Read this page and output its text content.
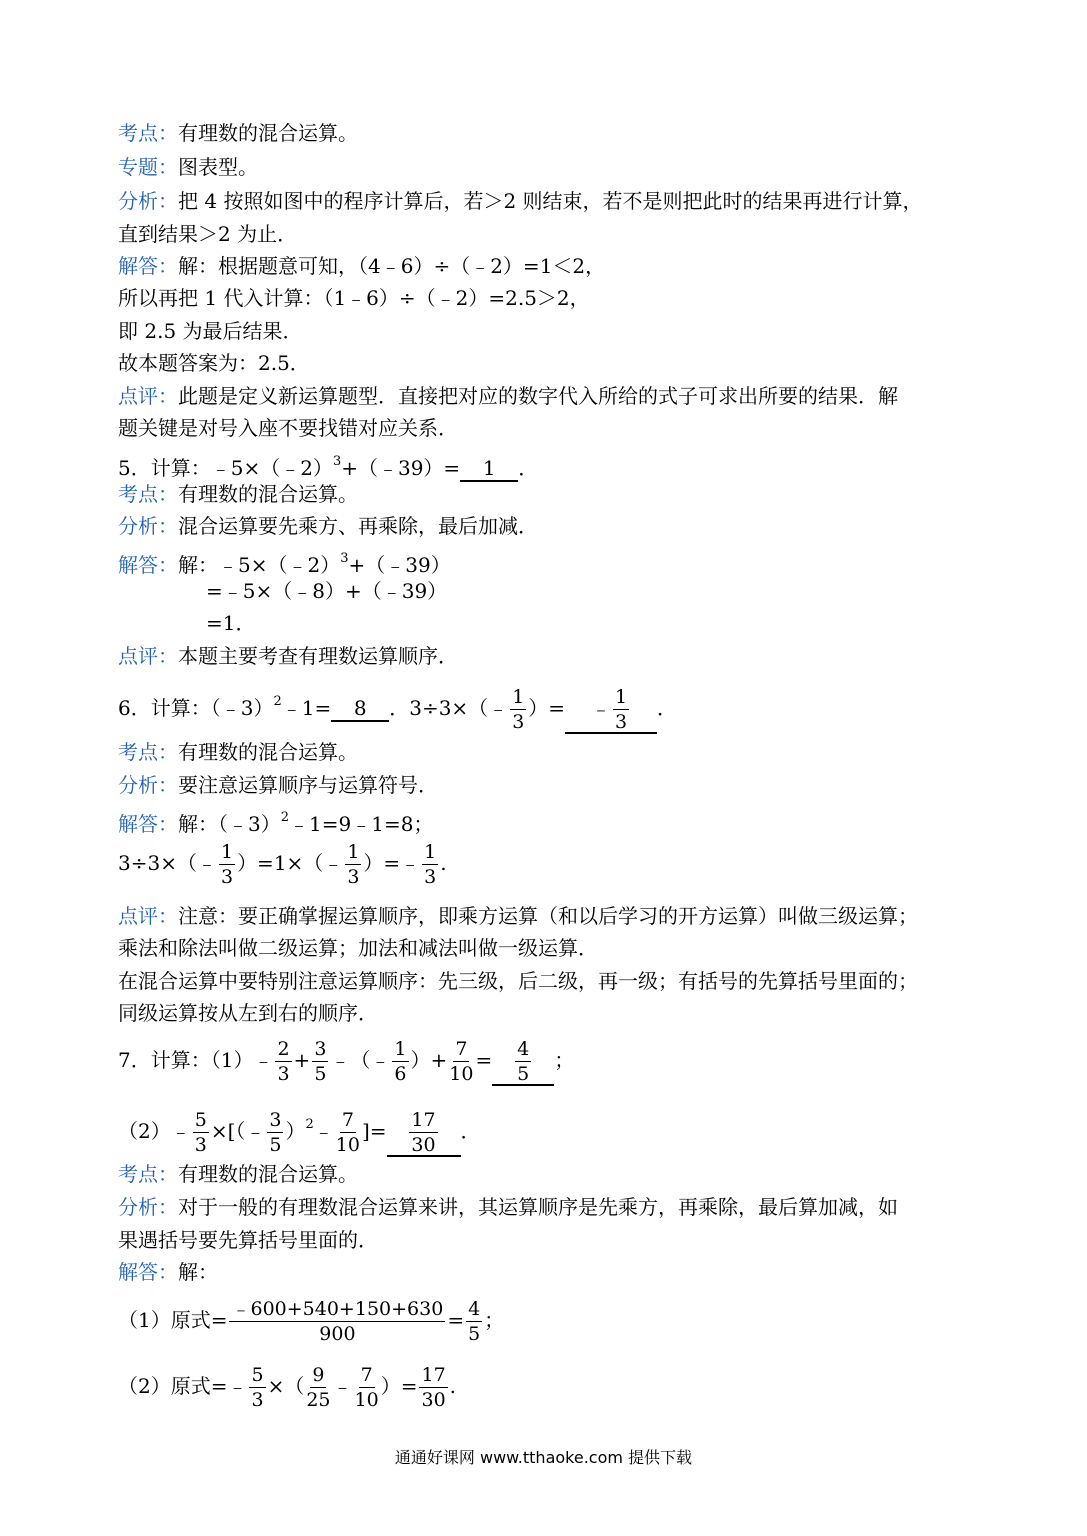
考点：有理数的混合运算。
专题：图表型。
分析：把 4 按照如图中的程序计算后，若＞2 则结束，若不是则把此时的结果再进行计算，
直到结果＞2 为止．
解答：解：根据题意可知，（4﹣6）÷（﹣2）=1＜2，
所以再把 1 代入计算：（1﹣6）÷（﹣2）=2.5＞2，
即 2.5 为最后结果．
故本题答案为：2.5．
点评：此题是定义新运算题型．直接把对应的数字代入所给的式子可求出所要的结果．解
题关键是对号入座不要找错对应关系．
5．计算：﹣5×（﹣2）$^3$+（﹣39）= 1 ．
考点：有理数的混合运算。
分析：混合运算要先乘方、再乘除，最后加减．
解答：解：﹣5×（﹣2）$^3$+（﹣39）
=﹣5×（﹣8）+（﹣39）
=1．
点评：本题主要考查有理数运算顺序．
6．计算：（﹣3）$^2$﹣1= 8 ．3÷3×（﹣ $\frac{1}{3}$ ）= ﹣ $\frac{1}{3}$ ．
考点：有理数的混合运算。
分析：要注意运算顺序与运算符号．
解答：解：（﹣3）$^2$﹣1=9﹣1=8；
3÷3×（﹣ $\frac{1}{3}$ ）=1×（﹣ $\frac{1}{3}$ ）=﹣ $\frac{1}{3}$ .
点评：注意：要正确掌握运算顺序，即乘方运算（和以后学习的开方运算）叫做三级运算；
乘法和除法叫做二级运算；加法和减法叫做一级运算．
在混合运算中要特别注意运算顺序：先三级，后二级，再一级；有括号的先算括号里面的；
同级运算按从左到右的顺序．
7．计算：（1）﹣ $\frac{2}{3} + \frac{3}{5}$ ﹣（﹣ $\frac{1}{6}$ ）+ $\frac{7}{10} = \frac{4}{5}$ ；
（2）﹣ $\frac{5}{3}$ ×[（﹣ $\frac{3}{5}$ ）$^2$﹣ $\frac{7}{10}$ ]= $\frac{17}{30}$ ．
考点：有理数的混合运算。
分析：对于一般的有理数混合运算来讲，其运算顺序是先乘方，再乘除，最后算加减，如
果遇括号要先算括号里面的．
解答：解：
（1）原式= $\frac{﹣600+540+150+630}{900} = \frac{4}{5}$ ；
（2）原式=﹣ $\frac{5}{3}$ ×（ $\frac{9}{25}$ ﹣ $\frac{7}{10}$ ）= $\frac{17}{30}$ .
通通好课网 www.tthaoke.com 提供下载
